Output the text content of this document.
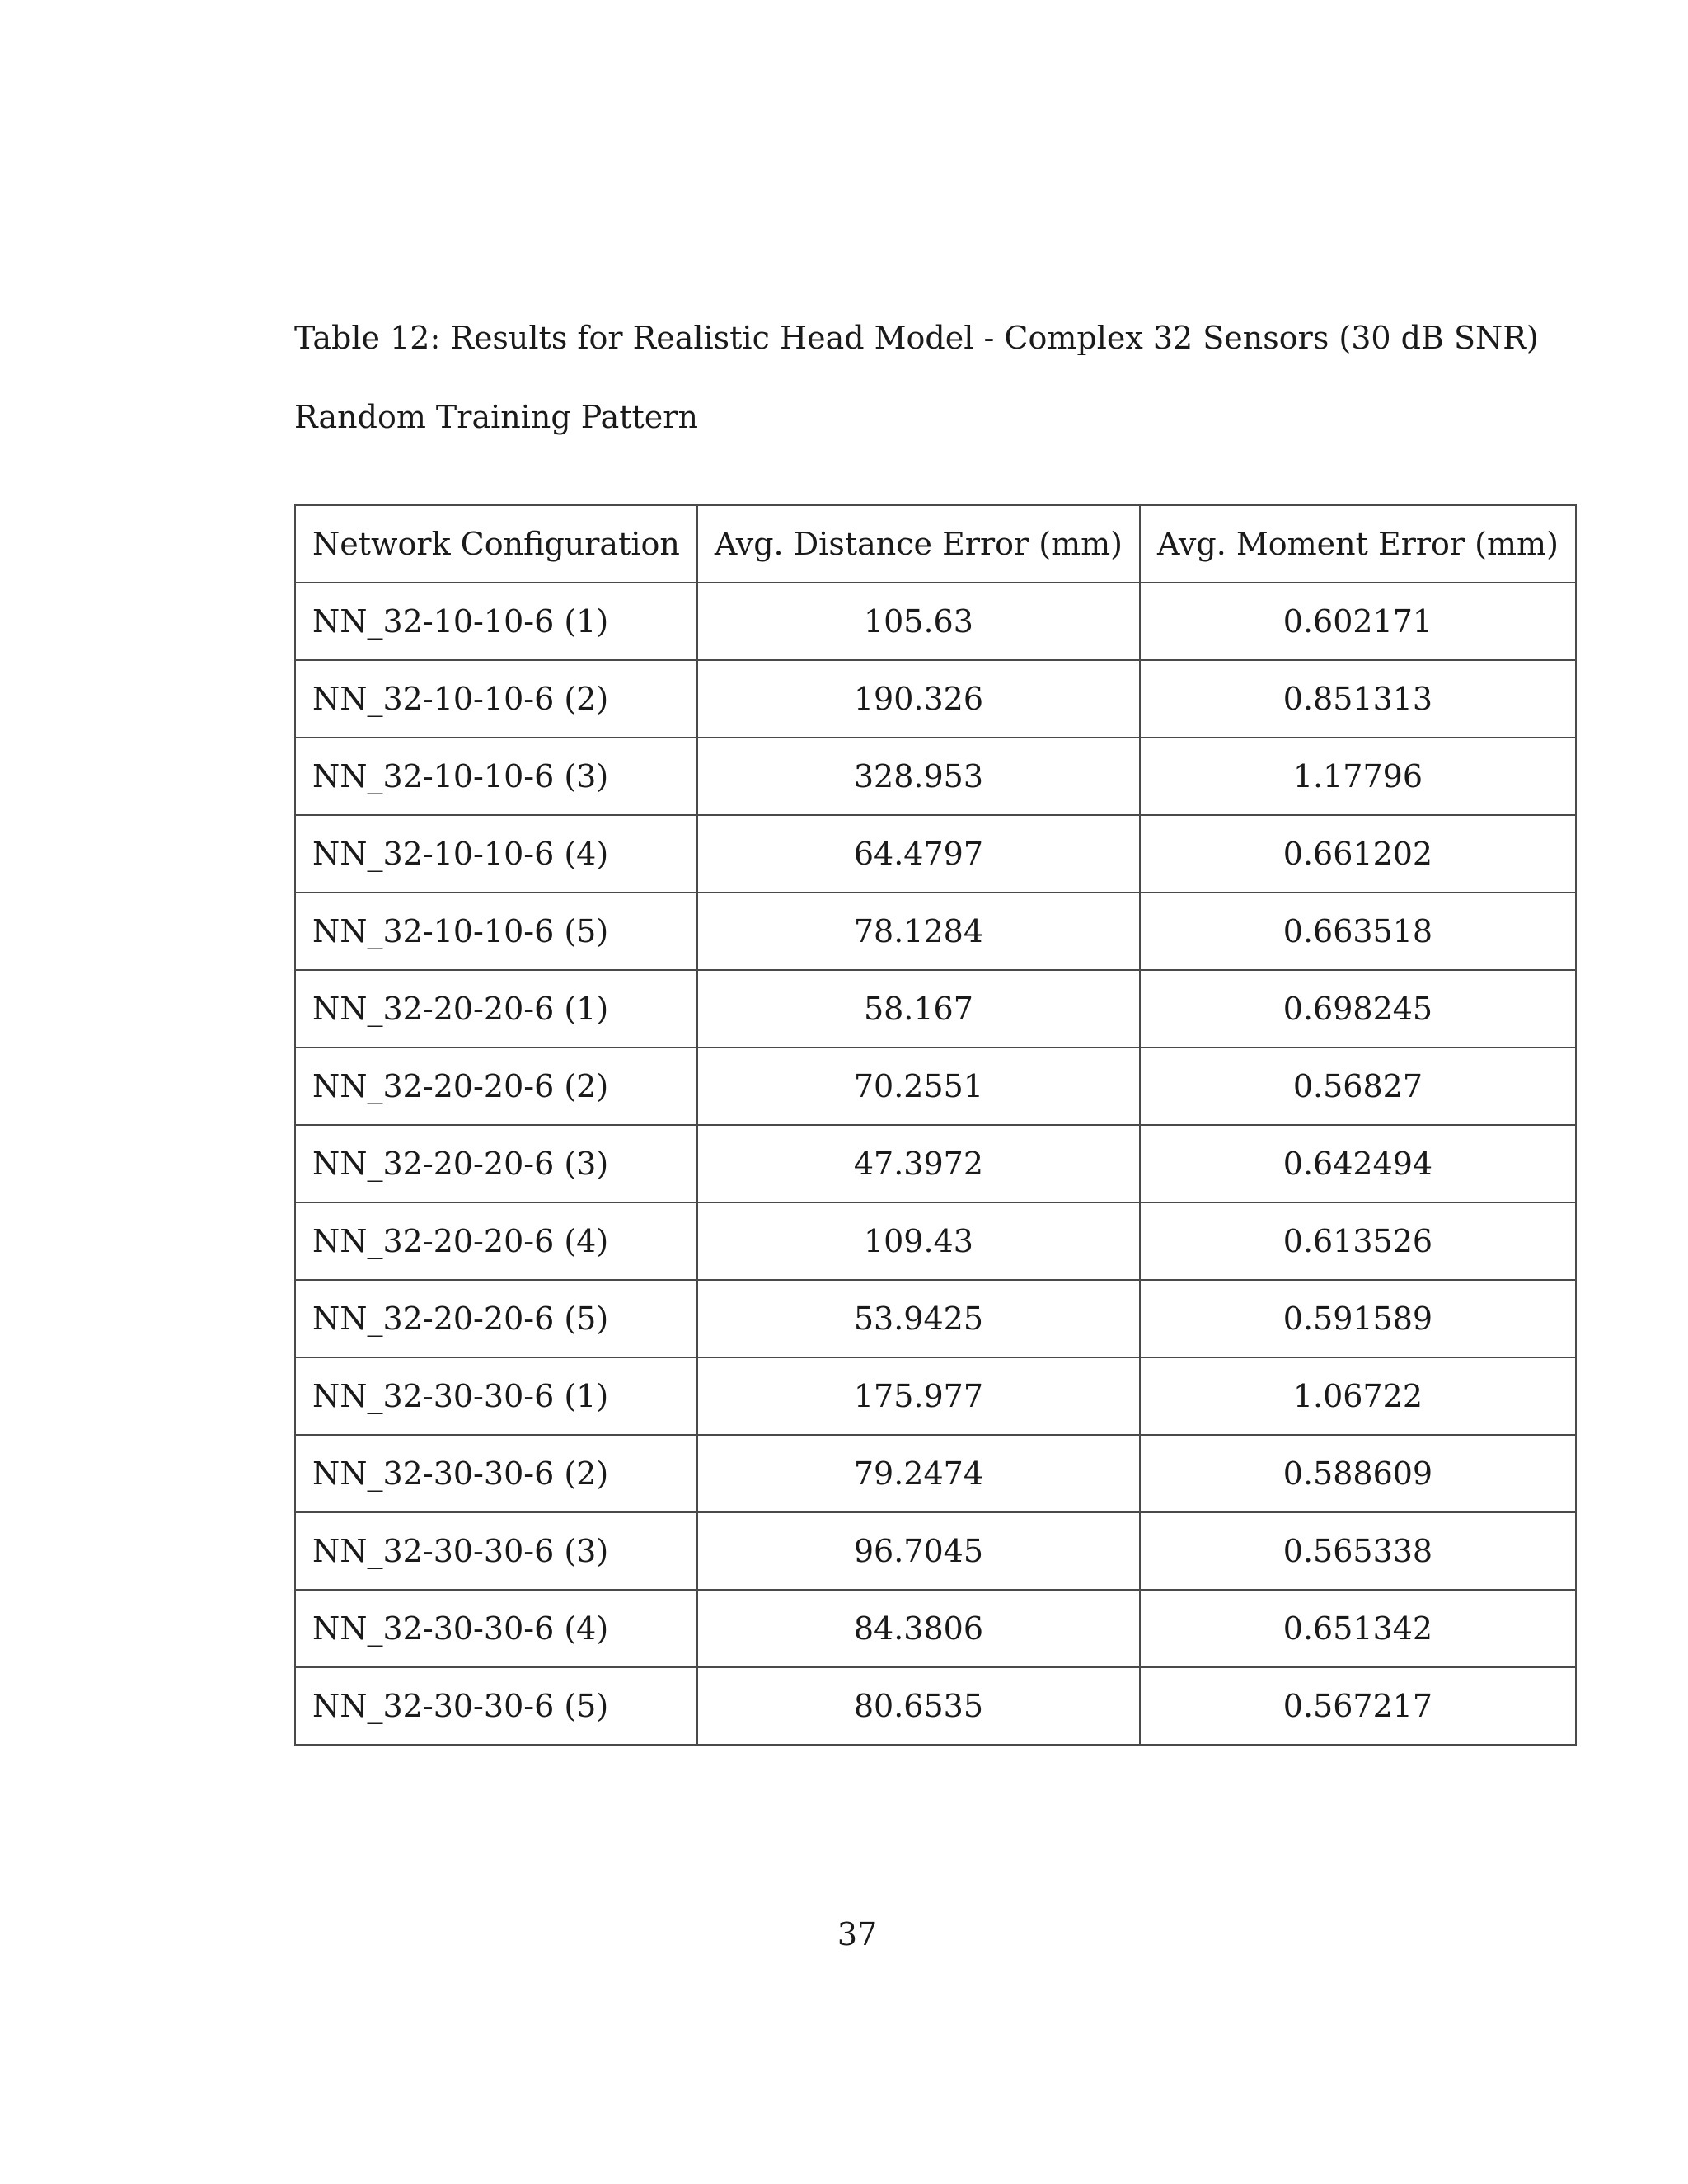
Table 12: Results for Realistic Head Model - Complex 32 Sensors (30 dB SNR)
Random Training Pattern
Network Configuration	Avg. Distance Error (mm)	Avg. Moment Error (mm)
NN_32-10-10-6 (1)	105.63	0.602171
NN_32-10-10-6 (2)	190.326	0.851313
NN_32-10-10-6 (3)	328.953	1.17796
NN_32-10-10-6 (4)	64.4797	0.661202
NN_32-10-10-6 (5)	78.1284	0.663518
NN_32-20-20-6 (1)	58.167	0.698245
NN_32-20-20-6 (2)	70.2551	0.56827
NN_32-20-20-6 (3)	47.3972	0.642494
NN_32-20-20-6 (4)	109.43	0.613526
NN_32-20-20-6 (5)	53.9425	0.591589
NN_32-30-30-6 (1)	175.977	1.06722
NN_32-30-30-6 (2)	79.2474	0.588609
NN_32-30-30-6 (3)	96.7045	0.565338
NN_32-30-30-6 (4)	84.3806	0.651342
NN_32-30-30-6 (5)	80.6535	0.567217
37
